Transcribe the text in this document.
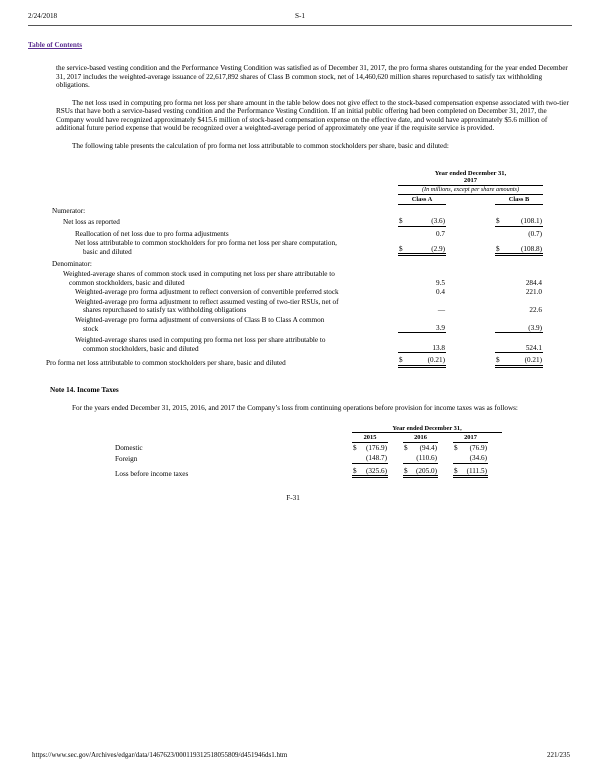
2/24/2018	S-1
Table of Contents

the service-based vesting condition and the Performance Vesting Condition was satisfied as of December 31, 2017, the pro forma shares outstanding for the year ended December 31, 2017 includes the weighted-average issuance of 22,617,892 shares of Class B common stock, net of 14,460,620 million shares repurchased to satisfy tax withholding obligations.

The net loss used in computing pro forma net loss per share amount in the table below does not give effect to the stock-based compensation expense associated with two-tier RSUs that have both a service-based vesting condition and the Performance Vesting Condition. If an initial public offering had been completed on December 31, 2017, the Company would have recognized approximately $415.6 million of stock-based compensation expense on the effective date, and would have approximately $5.6 million of additional future period expense that would be recognized over a weighted-average period of approximately one year if the requisite service is provided.

The following table presents the calculation of pro forma net loss attributable to common stockholders per share, basic and diluted:

Year ended December 31,
2017
(In millions, except per share amounts)
Class A	Class B
Numerator:
Net loss as reported	$	(3.6)	$	(108.1)
Reallocation of net loss due to pro forma adjustments	0.7	(0.7)
Net loss attributable to common stockholders for pro forma net loss per share computation, basic and diluted	$	(2.9)	$	(108.8)
Denominator:
Weighted-average shares of common stock used in computing net loss per share attributable to common stockholders, basic and diluted	9.5	284.4
Weighted-average pro forma adjustment to reflect conversion of convertible preferred stock	0.4	221.0
Weighted-average pro forma adjustment to reflect assumed vesting of two-tier RSUs, net of shares repurchased to satisfy tax withholding obligations	—	22.6
Weighted-average pro forma adjustment of conversions of Class B to Class A common stock	3.9	(3.9)
Weighted-average shares used in computing pro forma net loss per share attributable to common stockholders, basic and diluted	13.8	524.1
Pro forma net loss attributable to common stockholders per share, basic and diluted	$	(0.21)	$	(0.21)
Note 14. Income Taxes

For the years ended December 31, 2015, 2016, and 2017 the Company’s loss from continuing operations before provision for income taxes was as follows:

Year ended December 31,
2015	2016	2017
Domestic	$ (176.9) $ (94.4) $ (76.9)
Foreign	(148.7)	(110.6)	(34.6)
Loss before income taxes	$ (325.6) $ (205.0) $ (111.5)
F-31
https://www.sec.gov/Archives/edgar/data/1467623/000119312518055809/d451946ds1.htm	221/235
